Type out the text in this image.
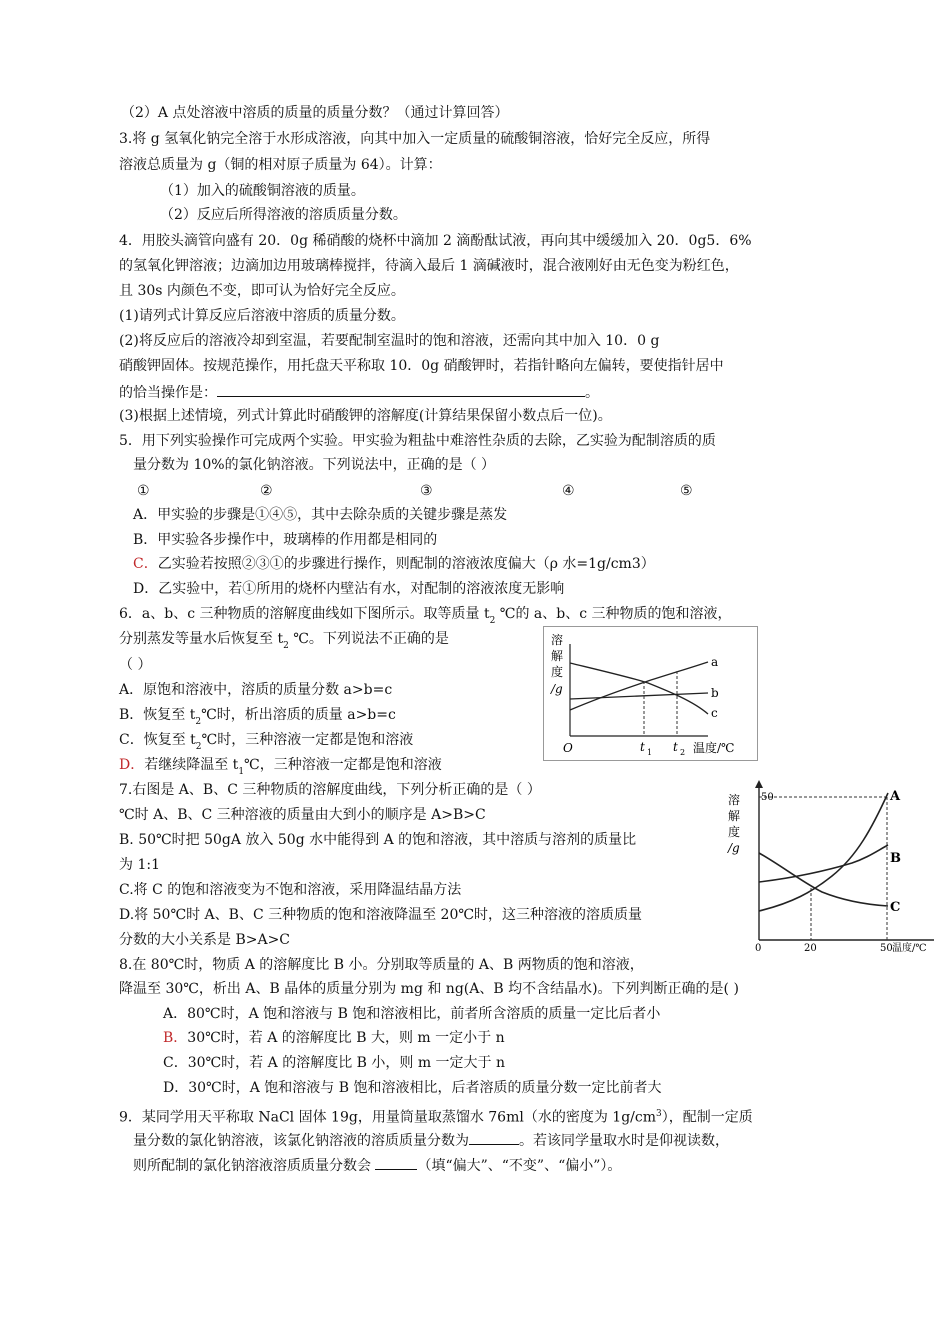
（2）A 点处溶液中溶质的质量的质量分数？（通过计算回答）
3.将 g 氢氧化钠完全溶于水形成溶液，向其中加入一定质量的硫酸铜溶液，恰好完全反应，所得
溶液总质量为 g（铜的相对原子质量为 64）。计算：
（1）加入的硫酸铜溶液的质量。
（2）反应后所得溶液的溶质质量分数。
4．用胶头滴管向盛有 20．0g 稀硝酸的烧杯中滴加 2 滴酚酞试液，再向其中缓缓加入 20．0g5．6%
的氢氧化钾溶液；边滴加边用玻璃棒搅拌，待滴入最后 1 滴碱液时，混合液刚好由无色变为粉红色，
且 30s 内颜色不变，即可认为恰好完全反应。
(1)请列式计算反应后溶液中溶质的质量分数。
(2)将反应后的溶液冷却到室温，若要配制室温时的饱和溶液，还需向其中加入 10．0 g
硝酸钾固体。按规范操作，用托盘天平称取 10．0g 硝酸钾时，若指针略向左偏转，要使指针居中
的恰当操作是：	。
(3)根据上述情境，列式计算此时硝酸钾的溶解度(计算结果保留小数点后一位)。
5．用下列实验操作可完成两个实验。甲实验为粗盐中难溶性杂质的去除，乙实验为配制溶质的质
量分数为 10%的氯化钠溶液。下列说法中，正确的是（ ）
①	②	③	④	⑤
A．甲实验的步骤是①④⑤，其中去除杂质的关键步骤是蒸发
B．甲实验各步操作中，玻璃棒的作用都是相同的
C．乙实验若按照②③①的步骤进行操作，则配制的溶液浓度偏大（ρ 水=1g/cm3）
D．乙实验中，若①所用的烧杯内壁沾有水，对配制的溶液浓度无影响
6．a、b、c 三种物质的溶解度曲线如下图所示。取等质量 $t_2$ ℃的 a、b、c 三种物质的饱和溶液，
分别蒸发等量水后恢复至 $t_2$ ℃。下列说法不正确的是
（ ）
A．原饱和溶液中，溶质的质量分数 a>b=c
B．恢复至 $t_2℃$时，析出溶质的质量 a>b=c
C．恢复至 $t_2℃$时，三种溶液一定都是饱和溶液
D．若继续降温至 $t_1℃$，三种溶液一定都是饱和溶液
7.右图是 A、B、C 三种物质的溶解度曲线，下列分析正确的是（ ）
℃时 A、B、C 三种溶液的质量由大到小的顺序是 A>B>C
B. 50℃时把 50gA 放入 50g 水中能得到 A 的饱和溶液，其中溶质与溶剂的质量比
为 1:1
C.将 C 的饱和溶液变为不饱和溶液，采用降温结晶方法
D.将 50℃时 A、B、C 三种物质的饱和溶液降温至 20℃时，这三种溶液的溶质质量
分数的大小关系是 B>A>C
8.在 80℃时，物质 A 的溶解度比 B 小。分别取等质量的 A、B 两物质的饱和溶液，
降温至 30℃，析出 A、B 晶体的质量分别为 mg 和 ng(A、B 均不含结晶水)。下列判断正确的是( )
A．80℃时，A 饱和溶液与 B 饱和溶液相比，前者所含溶质的质量一定比后者小
B．30℃时，若 A 的溶解度比 B 大，则 m 一定小于 n
C．30℃时，若 A 的溶解度比 B 小，则 m 一定大于 n
D．30℃时，A 饱和溶液与 B 饱和溶液相比，后者溶质的质量分数一定比前者大
9．某同学用天平称取 NaCl 固体 19g，用量筒量取蒸馏水 76ml（水的密度为 $1g/cm^3$），配制一定质
量分数的氯化钠溶液，该氯化钠溶液的溶质质量分数为	。若该同学量取水时是仰视读数，
则所配制的氯化钠溶液溶质质量分数会	（填“偏大”、“不变”、“偏小”）。
溶
解
度
/g
a
b
c
O	t 1 t 2 温度/℃
溶
解
度
/g
50	A
B
C
0	20	50 温度/℃
